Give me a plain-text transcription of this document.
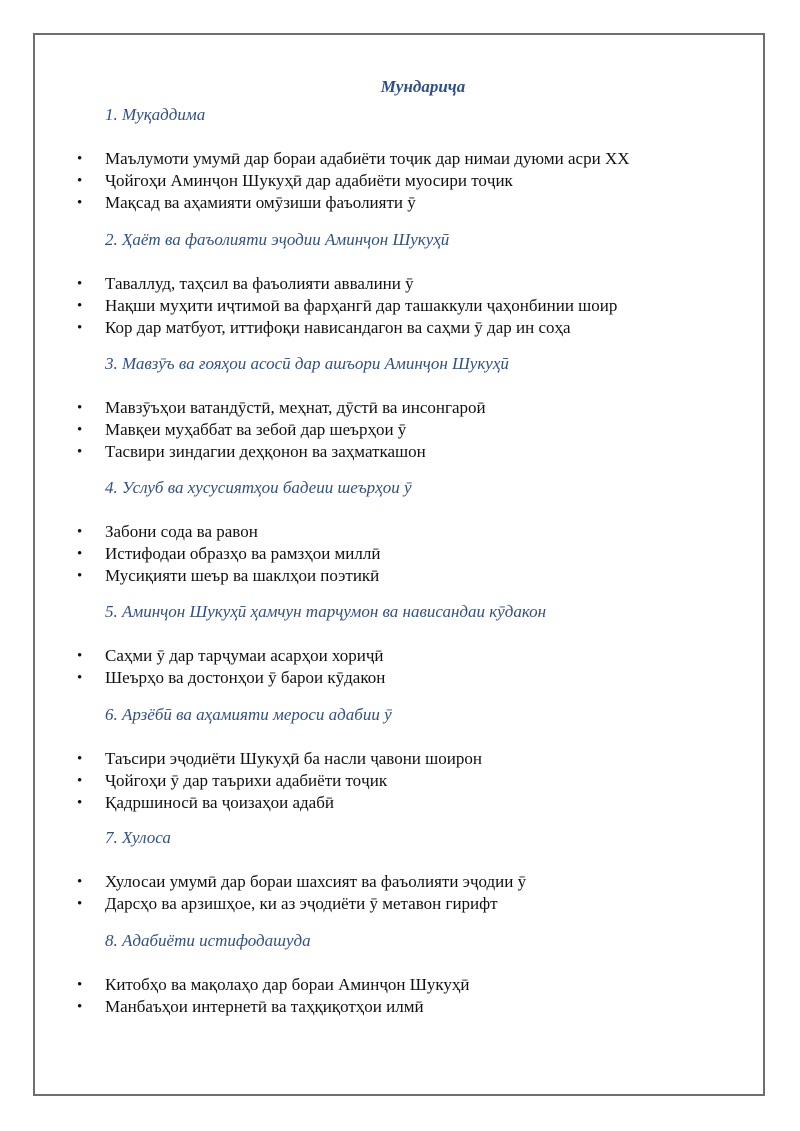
Мундариҷа
1. Муқаддима
• Маълумоти умумӣ дар бораи адабиёти тоҷик дар нимаи дуюми асри XX
• Ҷойгоҳи Аминҷон Шукуҳӣ дар адабиёти муосири тоҷик
• Мақсад ва аҳамияти омӯзиши фаъолияти ӯ
2. Ҳаёт ва фаъолияти эҷодии Аминҷон Шукуҳӣ
• Таваллуд, таҳсил ва фаъолияти аввалини ӯ
• Нақши муҳити иҷтимоӣ ва фарҳангӣ дар ташаккули ҷаҳонбинии шоир
• Кор дар матбуот, иттифоқи нависандагон ва саҳми ӯ дар ин соҳа
3. Мавзӯъ ва ғояҳои асосӣ дар ашъори Аминҷон Шукуҳӣ
• Мавзӯъҳои ватандӯстӣ, меҳнат, дӯстӣ ва инсонгароӣ
• Мавқеи муҳаббат ва зебоӣ дар шеърҳои ӯ
• Тасвири зиндагии деҳқонон ва заҳматкашон
4. Услуб ва хусусиятҳои бадеии шеърҳои ӯ
• Забони сода ва равон
• Истифодаи образҳо ва рамзҳои миллӣ
• Мусиқияти шеър ва шаклҳои поэтикӣ
5. Аминҷон Шукуҳӣ ҳамчун тарҷумон ва нависандаи кӯдакон
• Саҳми ӯ дар тарҷумаи асарҳои хориҷӣ
• Шеърҳо ва достонҳои ӯ барои кӯдакон
6. Арзёбӣ ва аҳамияти мероси адабии ӯ
• Таъсири эҷодиёти Шукуҳӣ ба насли ҷавони шоирон
• Ҷойгоҳи ӯ дар таърихи адабиёти тоҷик
• Қадршиносӣ ва ҷоизаҳои адабӣ
7. Хулоса
• Хулосаи умумӣ дар бораи шахсият ва фаъолияти эҷодии ӯ
• Дарсҳо ва арзишҳое, ки аз эҷодиёти ӯ метавон гирифт
8. Адабиёти истифодашуда
• Китобҳо ва мақолаҳо дар бораи Аминҷон Шукуҳӣ
• Манбаъҳои интернетӣ ва таҳқиқотҳои илмӣ
